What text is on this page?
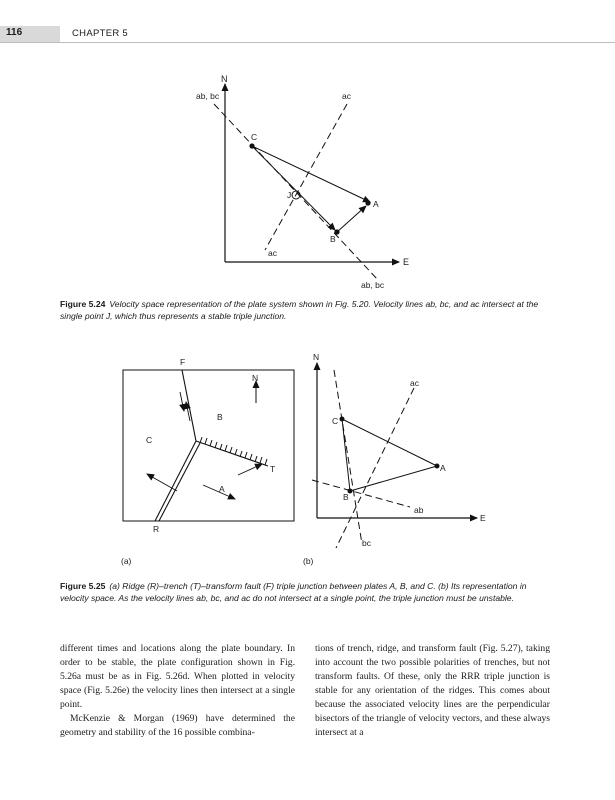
116	CHAPTER 5
N
ab, bc	ac
C
J
A
B
ac
E
ab, bc
F
N
B
C
T
A
R
(a)
N
ac
C
A
B
ab
E
bc
(b)
Figure 5.24 Velocity space representation of the plate system shown in Fig. 5.20. Velocity lines ab, bc, and ac intersect at the single point J, which thus represents a stable triple junction.
Figure 5.25 (a) Ridge (R)–trench (T)–transform fault (F) triple junction between plates A, B, and C. (b) Its representation in velocity space. As the velocity lines ab, bc, and ac do not intersect at a single point, the triple junction must be unstable.

different times and locations along the plate boundary. In order to be stable, the plate configuration shown in Fig. 5.26a must be as in Fig. 5.26d. When plotted in velocity space (Fig. 5.26e) the velocity lines then intersect at a single point.

McKenzie & Morgan (1969) have determined the geometry and stability of the 16 possible combina-

tions of trench, ridge, and transform fault (Fig. 5.27), taking into account the two possible polarities of trenches, but not transform faults. Of these, only the RRR triple junction is stable for any orientation of the ridges. This comes about because the associated velocity lines are the perpendicular bisectors of the triangle of velocity vectors, and these always intersect at a
